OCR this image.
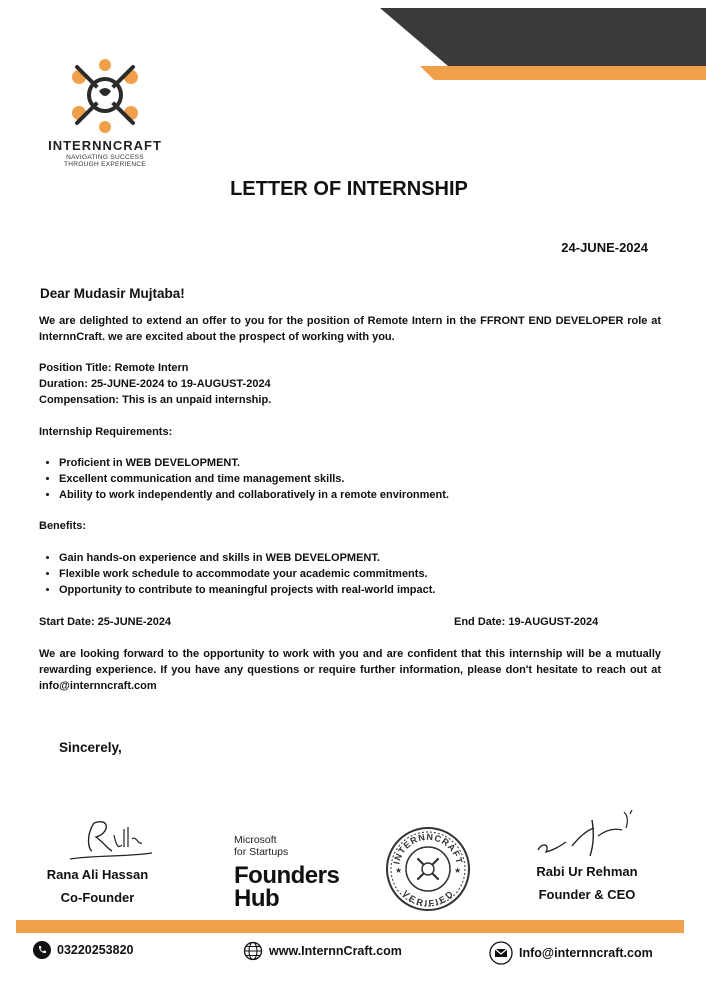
INTERNNCRAFT
NAVIGATING SUCCESS
THROUGH EXPERIENCE
LETTER OF INTERNSHIP
24-JUNE-2024
Dear Mudasir Mujtaba!
We are delighted to extend an offer to you for the position of Remote Intern in the FFRONT END DEVELOPER role at InternnCraft. we are excited about the prospect of working with you.
Position Title: Remote Intern
Duration: 25-JUNE-2024 to 19-AUGUST-2024
Compensation: This is an unpaid internship.
Internship Requirements:
• Proficient in WEB DEVELOPMENT.
• Excellent communication and time management skills.
• Ability to work independently and collaboratively in a remote environment.
Benefits:
• Gain hands-on experience and skills in WEB DEVELOPMENT.
• Flexible work schedule to accommodate your academic commitments.
• Opportunity to contribute to meaningful projects with real-world impact.
Start Date: 25-JUNE-2024	End Date: 19-AUGUST-2024
We are looking forward to the opportunity to work with you and are confident that this internship will be a mutually rewarding experience. If you have any questions or require further information, please don't hesitate to reach out at info@internncraft.com
Sincerely,
Rana Ali Hassan
Co-Founder
Microsoft
for Startups
Founders
Hub
INTERNNCRAFT
VERIFIED
★	★	Rabi Ur Rehman
Founder & CEO
03220253820	www.InternnCraft.com	Info@internncraft.com
